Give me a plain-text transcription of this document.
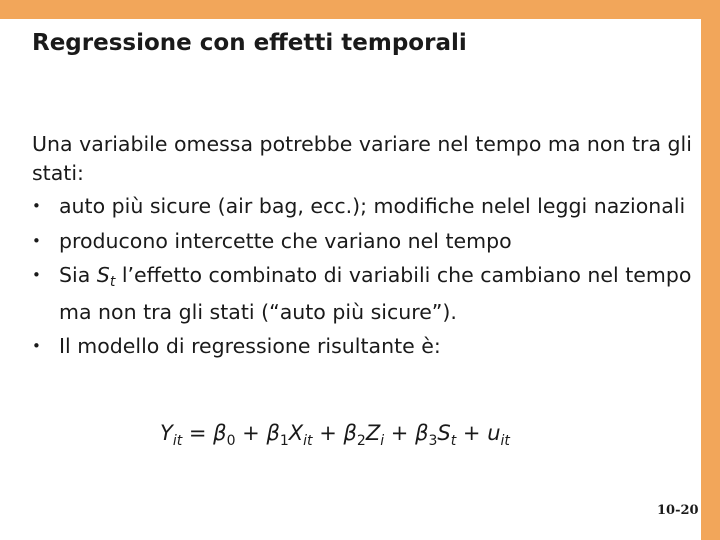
Regressione con effetti temporali

Una variabile omessa potrebbe variare nel tempo ma non tra gli stati:

• auto più sicure (air bag, ecc.); modifiche nelel leggi nazionali
• producono intercette che variano nel tempo
• Sia $S_t$ l’effetto combinato di variabili che cambiano nel tempo ma non tra gli stati (“auto più sicure”).
• Il modello di regressione risultante è:

$Y_{it} = \beta_0 + \beta_1X_{it} + \beta_2Z_i + \beta_3S_t + u_{it}$

10-20
